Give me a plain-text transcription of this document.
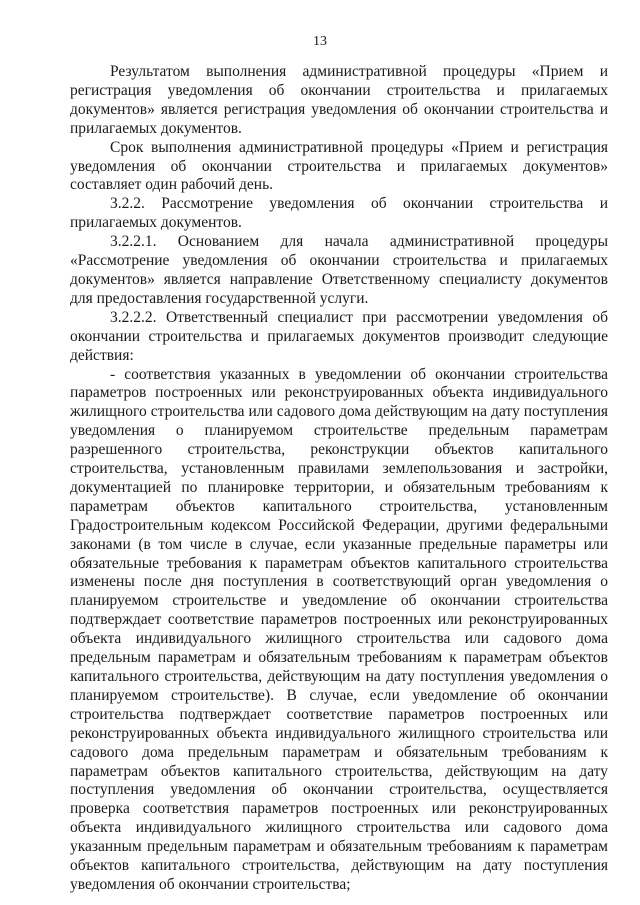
13

Результатом выполнения административной процедуры «Прием и регистрация уведомления об окончании строительства и прилагаемых документов» является регистрация уведомления об окончании строительства и прилагаемых документов.

Срок выполнения административной процедуры «Прием и регистрация уведомления об окончании строительства и прилагаемых документов» составляет один рабочий день.

3.2.2. Рассмотрение уведомления об окончании строительства и прилагаемых документов.

3.2.2.1. Основанием для начала административной процедуры «Рассмотрение уведомления об окончании строительства и прилагаемых документов» является направление Ответственному специалисту документов для предоставления государственной услуги.

3.2.2.2. Ответственный специалист при рассмотрении уведомления об окончании строительства и прилагаемых документов производит следующие действия:

- соответствия указанных в уведомлении об окончании строительства параметров построенных или реконструированных объекта индивидуального жилищного строительства или садового дома действующим на дату поступления уведомления о планируемом строительстве предельным параметрам разрешенного строительства, реконструкции объектов капитального строительства, установленным правилами землепользования и застройки, документацией по планировке территории, и обязательным требованиям к параметрам объектов капитального строительства, установленным Градостроительным кодексом Российской Федерации, другими федеральными законами (в том числе в случае, если указанные предельные параметры или обязательные требования к параметрам объектов капитального строительства изменены после дня поступления в соответствующий орган уведомления о планируемом строительстве и уведомление об окончании строительства подтверждает соответствие параметров построенных или реконструированных объекта индивидуального жилищного строительства или садового дома предельным параметрам и обязательным требованиям к параметрам объектов капитального строительства, действующим на дату поступления уведомления о планируемом строительстве). В случае, если уведомление об окончании строительства подтверждает соответствие параметров построенных или реконструированных объекта индивидуального жилищного строительства или садового дома предельным параметрам и обязательным требованиям к параметрам объектов капитального строительства, действующим на дату поступления уведомления об окончании строительства, осуществляется проверка соответствия параметров построенных или реконструированных объекта индивидуального жилищного строительства или садового дома указанным предельным параметрам и обязательным требованиям к параметрам объектов капитального строительства, действующим на дату поступления уведомления об окончании строительства;
